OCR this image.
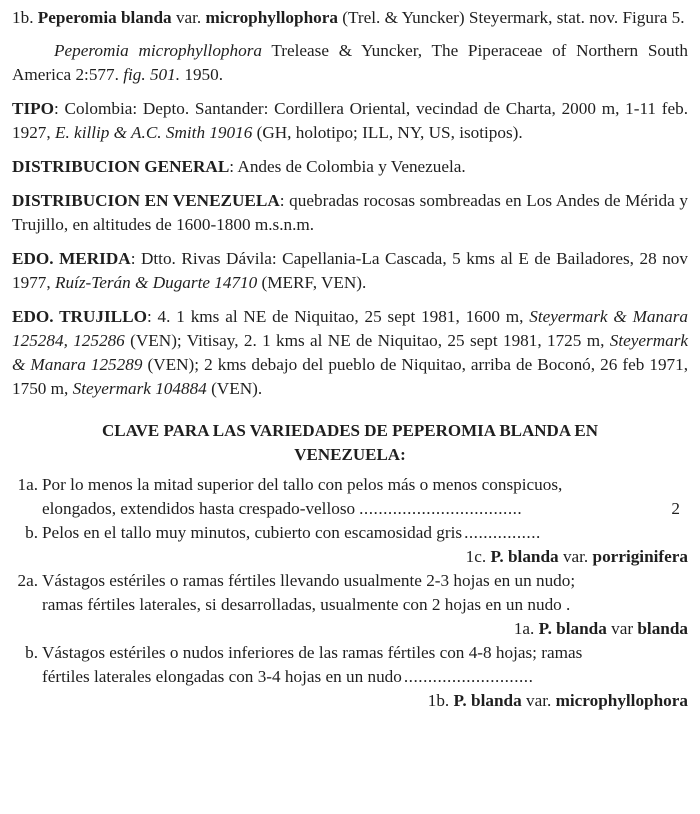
1b. Peperomia blanda var. microphyllophora (Trel. & Yuncker) Steyermark, stat. nov. Figura 5.

Peperomia microphyllophora Trelease & Yuncker, The Piperaceae of Northern South America 2:577. fig. 501. 1950.

TIPO: Colombia: Depto. Santander: Cordillera Oriental, vecindad de Charta, 2000 m, 1-11 feb. 1927, E. killip & A.C. Smith 19016 (GH, holotipo; ILL, NY, US, isotipos).

DISTRIBUCION GENERAL: Andes de Colombia y Venezuela.

DISTRIBUCION EN VENEZUELA: quebradas rocosas sombreadas en Los Andes de Mérida y Trujillo, en altitudes de 1600-1800 m.s.n.m.

EDO. MERIDA: Dtto. Rivas Dávila: Capellania-La Cascada, 5 kms al E de Bailadores, 28 nov 1977, Ruíz-Terán & Dugarte 14710 (MERF, VEN).

EDO. TRUJILLO: 4. 1 kms al NE de Niquitao, 25 sept 1981, 1600 m, Steyermark & Manara 125284, 125286 (VEN); Vitisay, 2. 1 kms al NE de Niquitao, 25 sept 1981, 1725 m, Steyermark & Manara 125289 (VEN); 2 kms debajo del pueblo de Niquitao, arriba de Boconó, 26 feb 1971, 1750 m, Steyermark 104884 (VEN).

CLAVE PARA LAS VARIEDADES DE PEPEROMIA BLANDA EN VENEZUELA:

1a. Por lo menos la mitad superior del tallo con pelos más o menos conspicuos,
elongados, extendidos hasta crespado-velloso ..................................	2
b. Pelos en el tallo muy minutos, cubierto con escamosidad gris ................
1c. P. blanda var. porriginifera
2a. Vástagos estériles o ramas fértiles llevando usualmente 2-3 hojas en un nudo;
ramas fértiles laterales, si desarrolladas, usualmente con 2 hojas en un nudo .
1a. P. blanda var blanda
b. Vástagos estériles o nudos inferiores de las ramas fértiles con 4-8 hojas; ramas
fértiles laterales elongadas con 3-4 hojas en un nudo ...........................
1b. P. blanda var. microphyllophora
